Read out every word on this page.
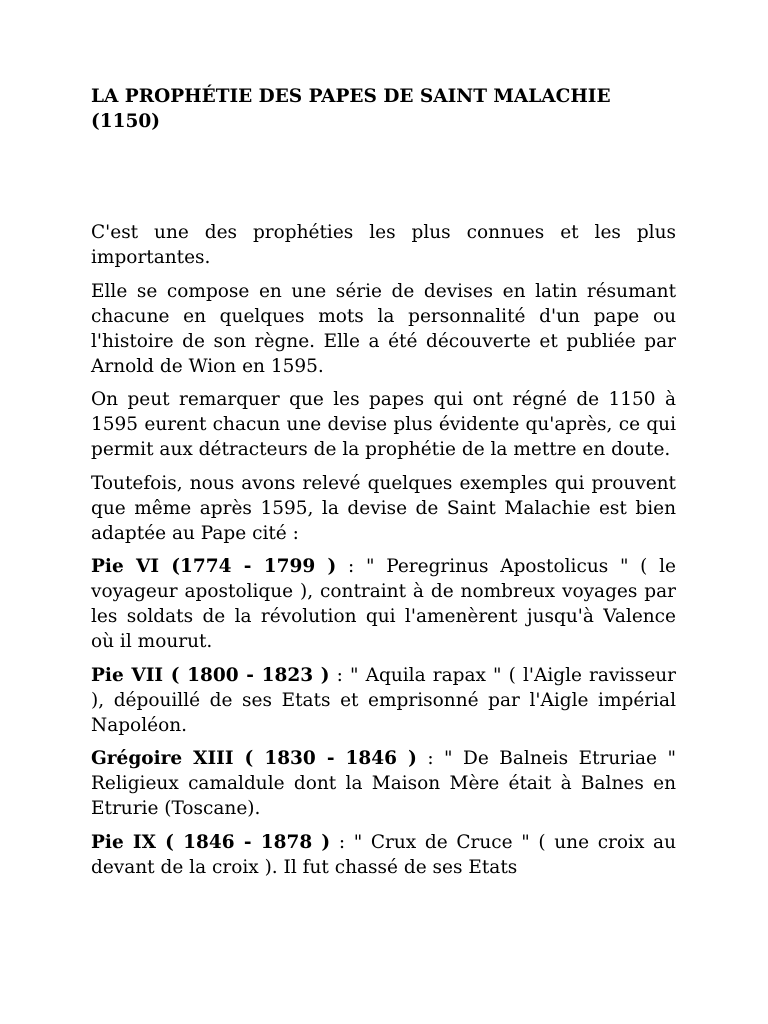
LA PROPHÉTIE DES PAPES DE SAINT MALACHIE (1150)

C'est une des prophéties les plus connues et les plus importantes.

Elle se compose en une série de devises en latin résumant chacune en quelques mots la personnalité d'un pape ou l'histoire de son règne. Elle a été découverte et publiée par Arnold de Wion en 1595.

On peut remarquer que les papes qui ont régné de 1150 à 1595 eurent chacun une devise plus évidente qu'après, ce qui permit aux détracteurs de la prophétie de la mettre en doute.

Toutefois, nous avons relevé quelques exemples qui prouvent que même après 1595, la devise de Saint Malachie est bien adaptée au Pape cité :

Pie VI (1774 - 1799 ) : " Peregrinus Apostolicus " ( le voyageur apostolique ), contraint à de nombreux voyages par les soldats de la révolution qui l'amenèrent jusqu'à Valence où il mourut.

Pie VII ( 1800 - 1823 ) : " Aquila rapax " ( l'Aigle ravisseur ), dépouillé de ses Etats et emprisonné par l'Aigle impérial Napoléon.

Grégoire XIII ( 1830 - 1846 ) : " De Balneis Etruriae " Religieux camaldule dont la Maison Mère était à Balnes en Etrurie (Toscane).

Pie IX ( 1846 - 1878 ) : " Crux de Cruce " ( une croix au devant de la croix ). Il fut chassé de ses Etats
